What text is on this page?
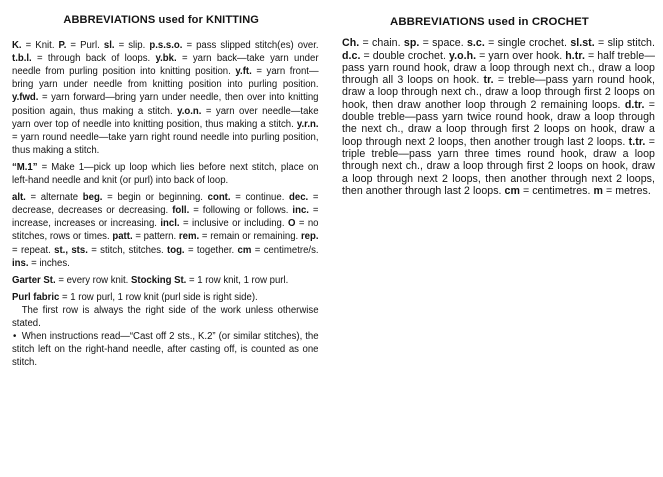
ABBREVIATIONS used for KNITTING

K. = Knit. P. = Purl. sl. = slip. p.s.s.o. = pass slipped stitch(es) over. t.b.l. = through back of loops. y.bk. = yarn back—take yarn under needle from purling position into knitting position. y.ft. = yarn front—bring yarn under needle from knitting position into purling position. y.fwd. = yarn forward—bring yarn under needle, then over into knitting position again, thus making a stitch. y.o.n. = yarn over needle—take yarn over top of needle into knitting position, thus making a stitch. y.r.n. = yarn round needle—take yarn right round needle into purling position, thus making a stitch.

“M.1” = Make 1—pick up loop which lies before next stitch, place on left-hand needle and knit (or purl) into back of loop.

alt. = alternate beg. = begin or beginning. cont. = continue. dec. = decrease, decreases or decreasing. foll. = following or follows. inc. = increase, increases or increasing. incl. = inclusive or including. O = no stitches, rows or times. patt. = pattern. rem. = remain or remaining. rep. = repeat. st., sts. = stitch, stitches. tog. = together. cm = centimetre/s. ins. = inches.

Garter St. = every row knit. Stocking St. = 1 row knit, 1 row purl.

Purl fabric = 1 row purl, 1 row knit (purl side is right side).

The first row is always the right side of the work unless otherwise stated.

• When instructions read—“Cast off 2 sts., K.2” (or similar stitches), the stitch left on the right-hand needle, after casting off, is counted as one stitch.

ABBREVIATIONS used in CROCHET

Ch. = chain. sp. = space. s.c. = single crochet. sl.st. = slip stitch. d.c. = double crochet. y.o.h. = yarn over hook. h.tr. = half treble—pass yarn round hook, draw a loop through next ch., draw a loop through all 3 loops on hook. tr. = treble—pass yarn round hook, draw a loop through next ch., draw a loop through first 2 loops on hook, then draw another loop through 2 remaining loops. d.tr. = double treble—pass yarn twice round hook, draw a loop through the next ch., draw a loop through first 2 loops on hook, draw a loop through next 2 loops, then another trough last 2 loops. t.tr. = triple treble—pass yarn three times round hook, draw a loop through next ch., draw a loop through first 2 loops on hook, draw a loop through next 2 loops, then another through next 2 loops, then another through last 2 loops. cm = centimetres. m = metres.
